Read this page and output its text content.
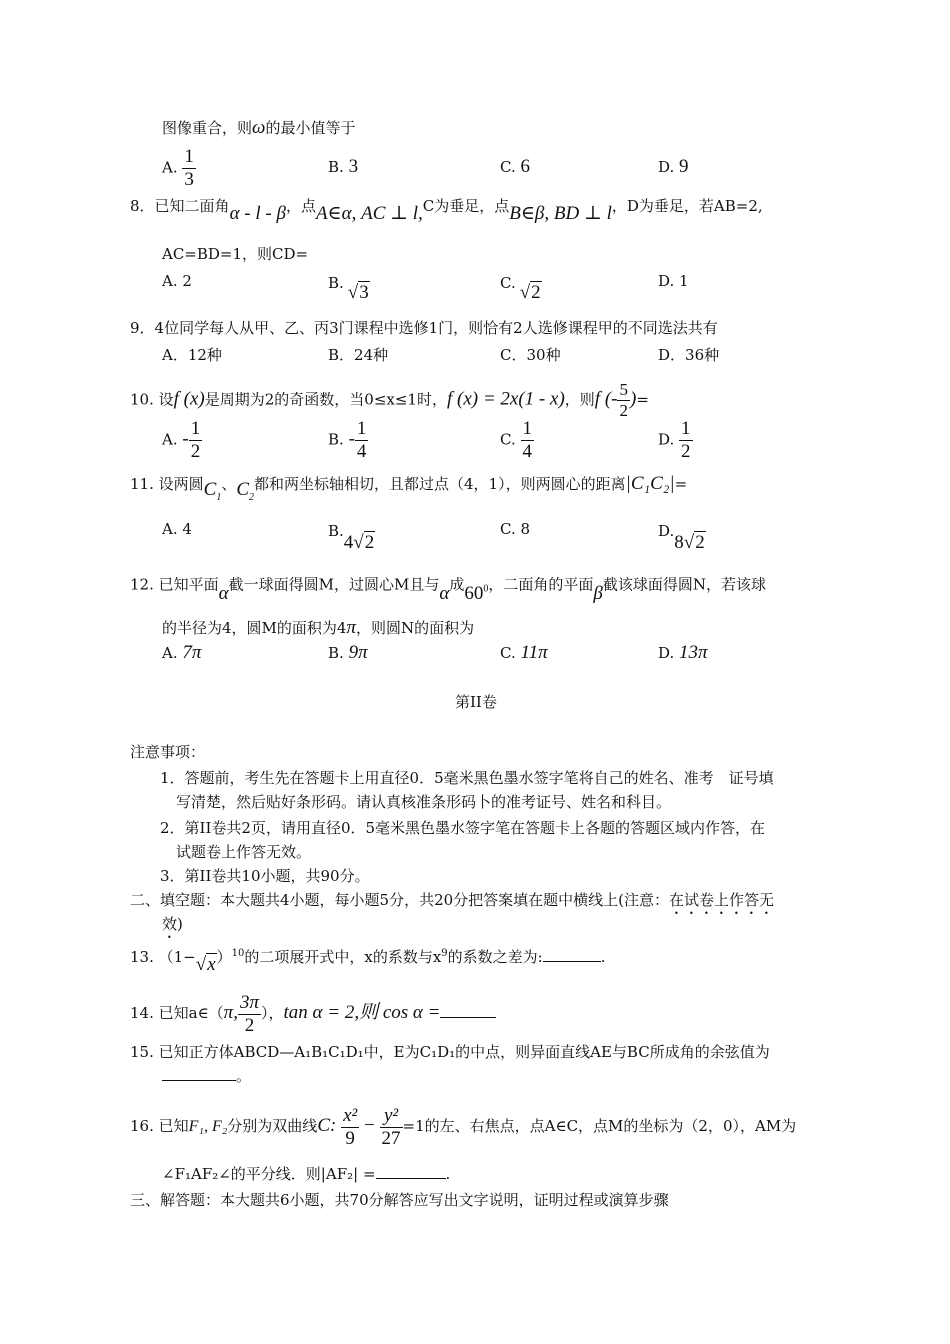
图像重合，则ω的最小值等于
A. $\frac{1}{3}$	B. 3	C. 6	D. 9
8．已知二面角α - l - β，点A∈α, AC ⊥ l,C为垂足，点B∈β, BD ⊥ l，D为垂足，若AB=2,
AC=BD=1，则CD=
A. 2	B. √3	C. √2
D. 1
9．4位同学每人从甲、乙、丙3门课程中选修1门，则恰有2人选修课程甲的不同选法共有
A．12种	B．24种	C．30种	D．36种
10. 设f (x)是周期为2的奇函数，当0≤x≤1时，f (x) = 2x(1 - x)，则f (- $\frac{5}{2}$ )=
A. - $\frac{1}{2}$	B. - $\frac{1}{4}$	C. $\frac{1}{4}$	D. $\frac{1}{2}$
11. 设两圆$C_1$、$C_2$都和两坐标轴相切，且都过点（4，1），则两圆心的距离|C₁C₂|=
A. 4	B.4√2
C. 8	D.8√2
12. 已知平面α截一球面得圆M，过圆心M且与α成$60^0$，二面角的平面β截该球面得圆N，若该球
的半径为4，圆M的面积为4π，则圆N的面积为
A. 7π	B. 9π	C. 11π	D. 13π
第II卷
注意事项：
1．答题前，考生先在答题卡上用直径0．5毫米黑色墨水签字笔将自己的姓名、准考　证号填
写清楚，然后贴好条形码。请认真核准条形码卜的准考证号、姓名和科目。
2．第II卷共2页，请用直径0．5毫米黑色墨水签字笔在答题卡上各题的答题区域内作答，在
试题卷上作答无效。
3．第II卷共10小题，共90分。
二、填空题：本大题共4小题，每小题5分，共20分把答案填在题中横线上(注意：在试卷上作答无
效)
13. $(1-√x)^{10}$的二项展开式中，x的系数与$x^9$的系数之差为:	.
14. 已知a∈（π, $\frac{3\pi}{2}$ ），tan α = 2,则 cos α =
15. 已知正方体ABCD—A₁B₁C₁D₁中，E为C₁D₁的中点，则异面直线AE与BC所成角的余弦值为
。
16. 已知F₁, F₂分别为双曲线C: $\frac{\text{x²}}{9} - \frac{\text{y²}}{27} =1$的左、右焦点，点A∈C，点M的坐标为（2，0），AM为
∠F₁AF₂∠的平分线．则|AF₂| =	.
三、解答题：本大题共6小题，共70分解答应写出文字说明，证明过程或演算步骤
